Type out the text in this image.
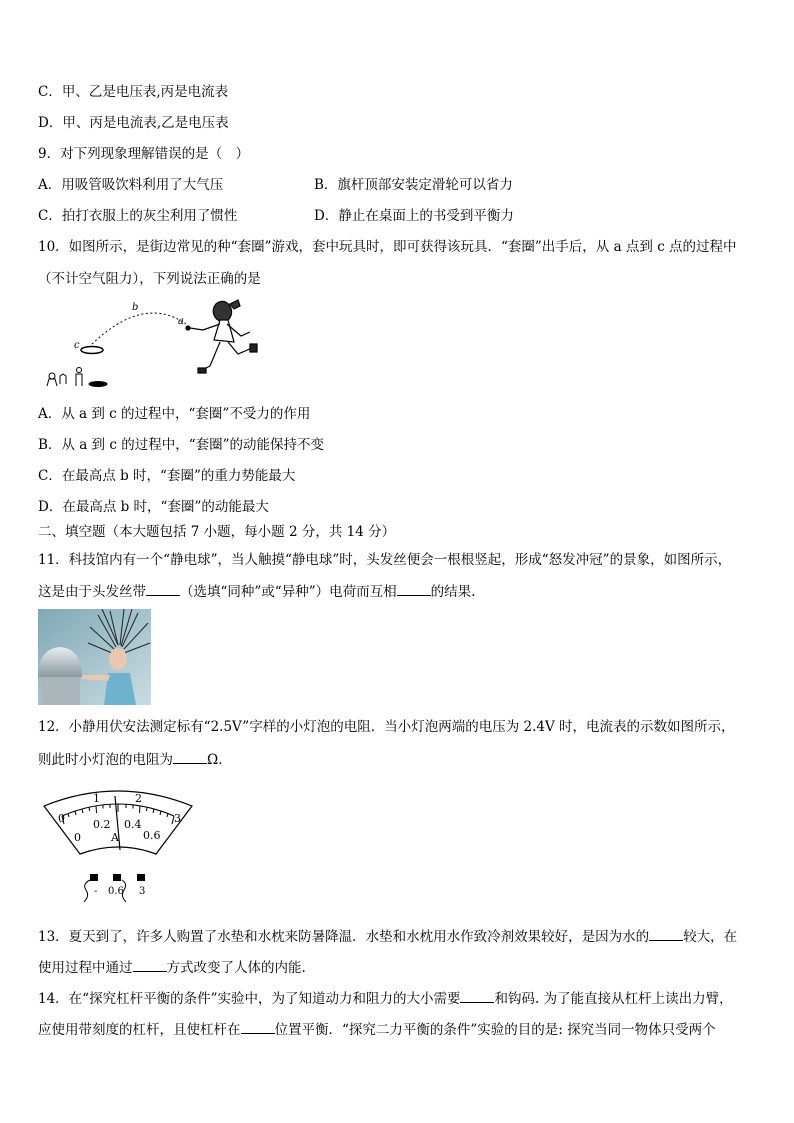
C．甲、乙是电压表,丙是电流表
D．甲、丙是电流表,乙是电压表
9．对下列现象理解错误的是（　）
A．用吸管吸饮料利用了大气压	B．旗杆顶部安装定滑轮可以省力
C．拍打衣服上的灰尘利用了惯性	D．静止在桌面上的书受到平衡力
10．如图所示，是街边常见的种“套圈”游戏，套中玩具时，即可获得该玩具．“套圈”出手后，从 a 点到 c 点的过程中
（不计空气阻力），下列说法正确的是
b
a
c
A．从 a 到 c 的过程中，“套圈”不受力的作用
B．从 a 到 c 的过程中，“套圈”的动能保持不变
C．在最高点 b 时，“套圈”的重力势能最大
D．在最高点 b 时，“套圈”的动能最大
二、填空题（本大题包括 7 小题，每小题 2 分，共 14 分）
11．科技馆内有一个“静电球”，当人触摸“静电球”时，头发丝便会一根根竖起，形成“怒发冲冠”的景象，如图所示，
这是由于头发丝带	（选填“同种”或“异种”）电荷而互相	的结果.
12．小静用伏安法测定标有“2.5V”字样的小灯泡的电阻．当小灯泡两端的电压为 2.4V 时，电流表的示数如图所示，
则此时小灯泡的电阻为	Ω．
0
1	2
3
0
0.2 0.4
0.6
A
- 0.6 3
13．夏天到了，许多人购置了水垫和水枕来防暑降温．水垫和水枕用水作致冷剂效果较好，是因为水的	较大，在
使用过程中通过	方式改变了人体的内能.
14．在“探究杠杆平衡的条件”实验中，为了知道动力和阻力的大小需要	和钩码. 为了能直接从杠杆上读出力臂，
应使用带刻度的杠杆，且使杠杆在	位置平衡．“探究二力平衡的条件”实验的目的是: 探究当同一物体只受两个
